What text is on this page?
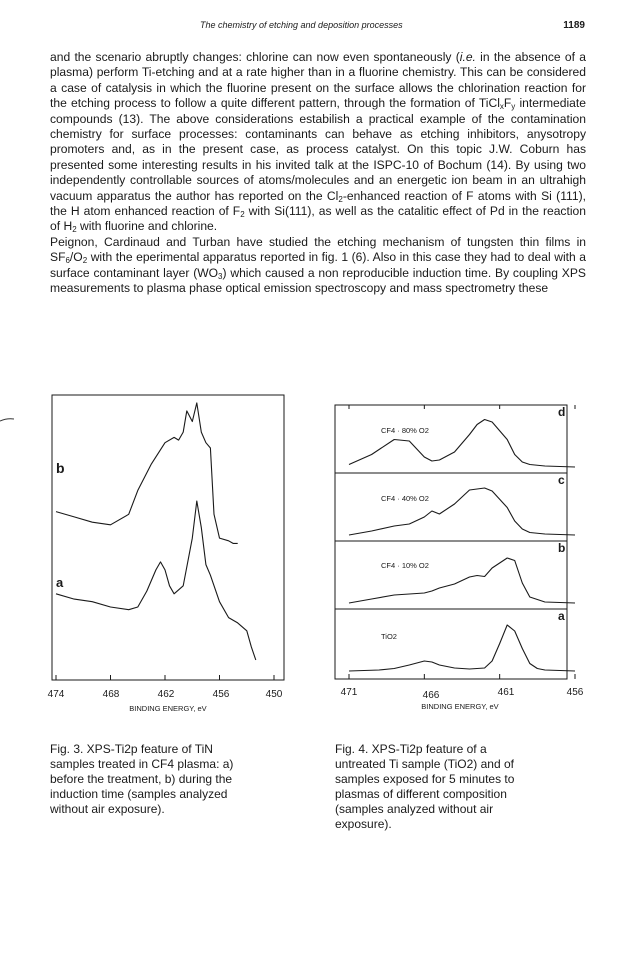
The chemistry of etching and deposition processes	1189

and the scenario abruptly changes: chlorine can now even spontaneously (i.e. in the absence of a plasma) perform Ti-etching and at a rate higher than in a fluorine chemistry. This can be considered a case of catalysis in which the fluorine present on the surface allows the chlorination reaction for the etching process to follow a quite different pattern, through the formation of $TiCl_xF_y$ intermediate compounds (13). The above considerations estabilish a practical example of the contamination chemistry for surface processes: contaminants can behave as etching inhibitors, anysotropy promoters and, as in the present case, as process catalyst. On this topic J.W. Coburn has presented some interesting results in his invited talk at the ISPC-10 of Bochum (14). By using two independently controllable sources of atoms/molecules and an energetic ion beam in an ultrahigh vacuum apparatus the author has reported on the $Cl_2$-enhanced reaction of F atoms with Si (111), the H atom enhanced reaction of $F_2$ with Si(111), as well as the catalitic effect of Pd in the reaction of $H_2$ with fluorine and chlorine.

Peignon, Cardinaud and Turban have studied the etching mechanism of tungsten thin films in $SF_6/O_2$ with the eperimental apparatus reported in fig. 1 (6). Also in this case they had to deal with a surface contaminant layer $(WO_3)$ which caused a non reproducible induction time. By coupling XPS measurements to plasma phase optical emission spectroscopy and mass spectrometry these

b
a
474	468	462	456	450
BINDING ENERGY, eV
Fig. 3. XPS-Ti2p feature of TiN
samples treated in CF4 plasma: a)
before the treatment, b) during the
induction time (samples analyzed
without air exposure).
d
c
b
a
CF4 · 80% O2
CF4 · 40% O2
CF4 · 10% O2
TiO2
471	466	461	456
BINDING ENERGY, eV
Fig. 4. XPS-Ti2p feature of a
untreated Ti sample (TiO2) and of
samples exposed for 5 minutes to
plasmas of different composition
(samples analyzed without air
exposure).
